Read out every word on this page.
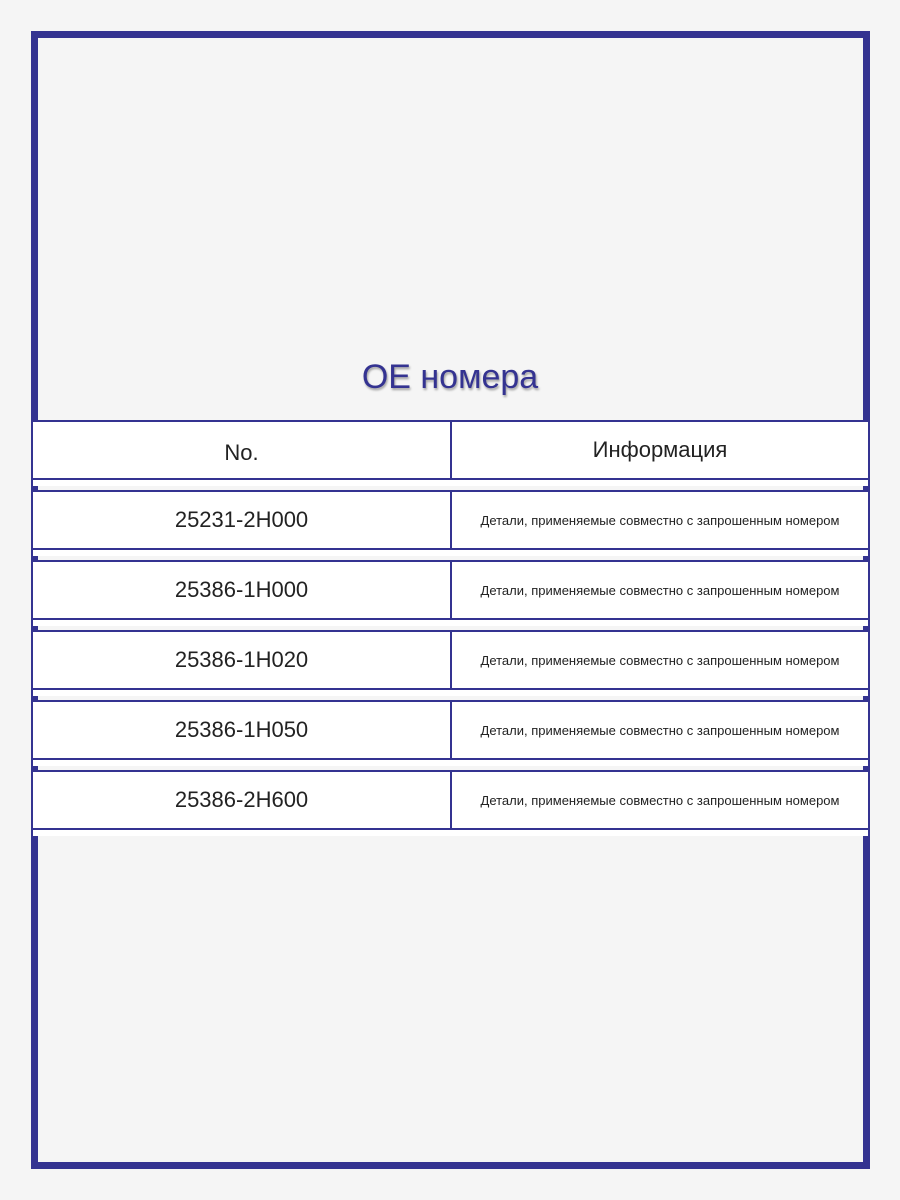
OE номера
No.	Информация
25231-2H000	Детали, применяемые совместно с запрошенным номером
25386-1H000	Детали, применяемые совместно с запрошенным номером
25386-1H020	Детали, применяемые совместно с запрошенным номером
25386-1H050	Детали, применяемые совместно с запрошенным номером
25386-2H600	Детали, применяемые совместно с запрошенным номером
